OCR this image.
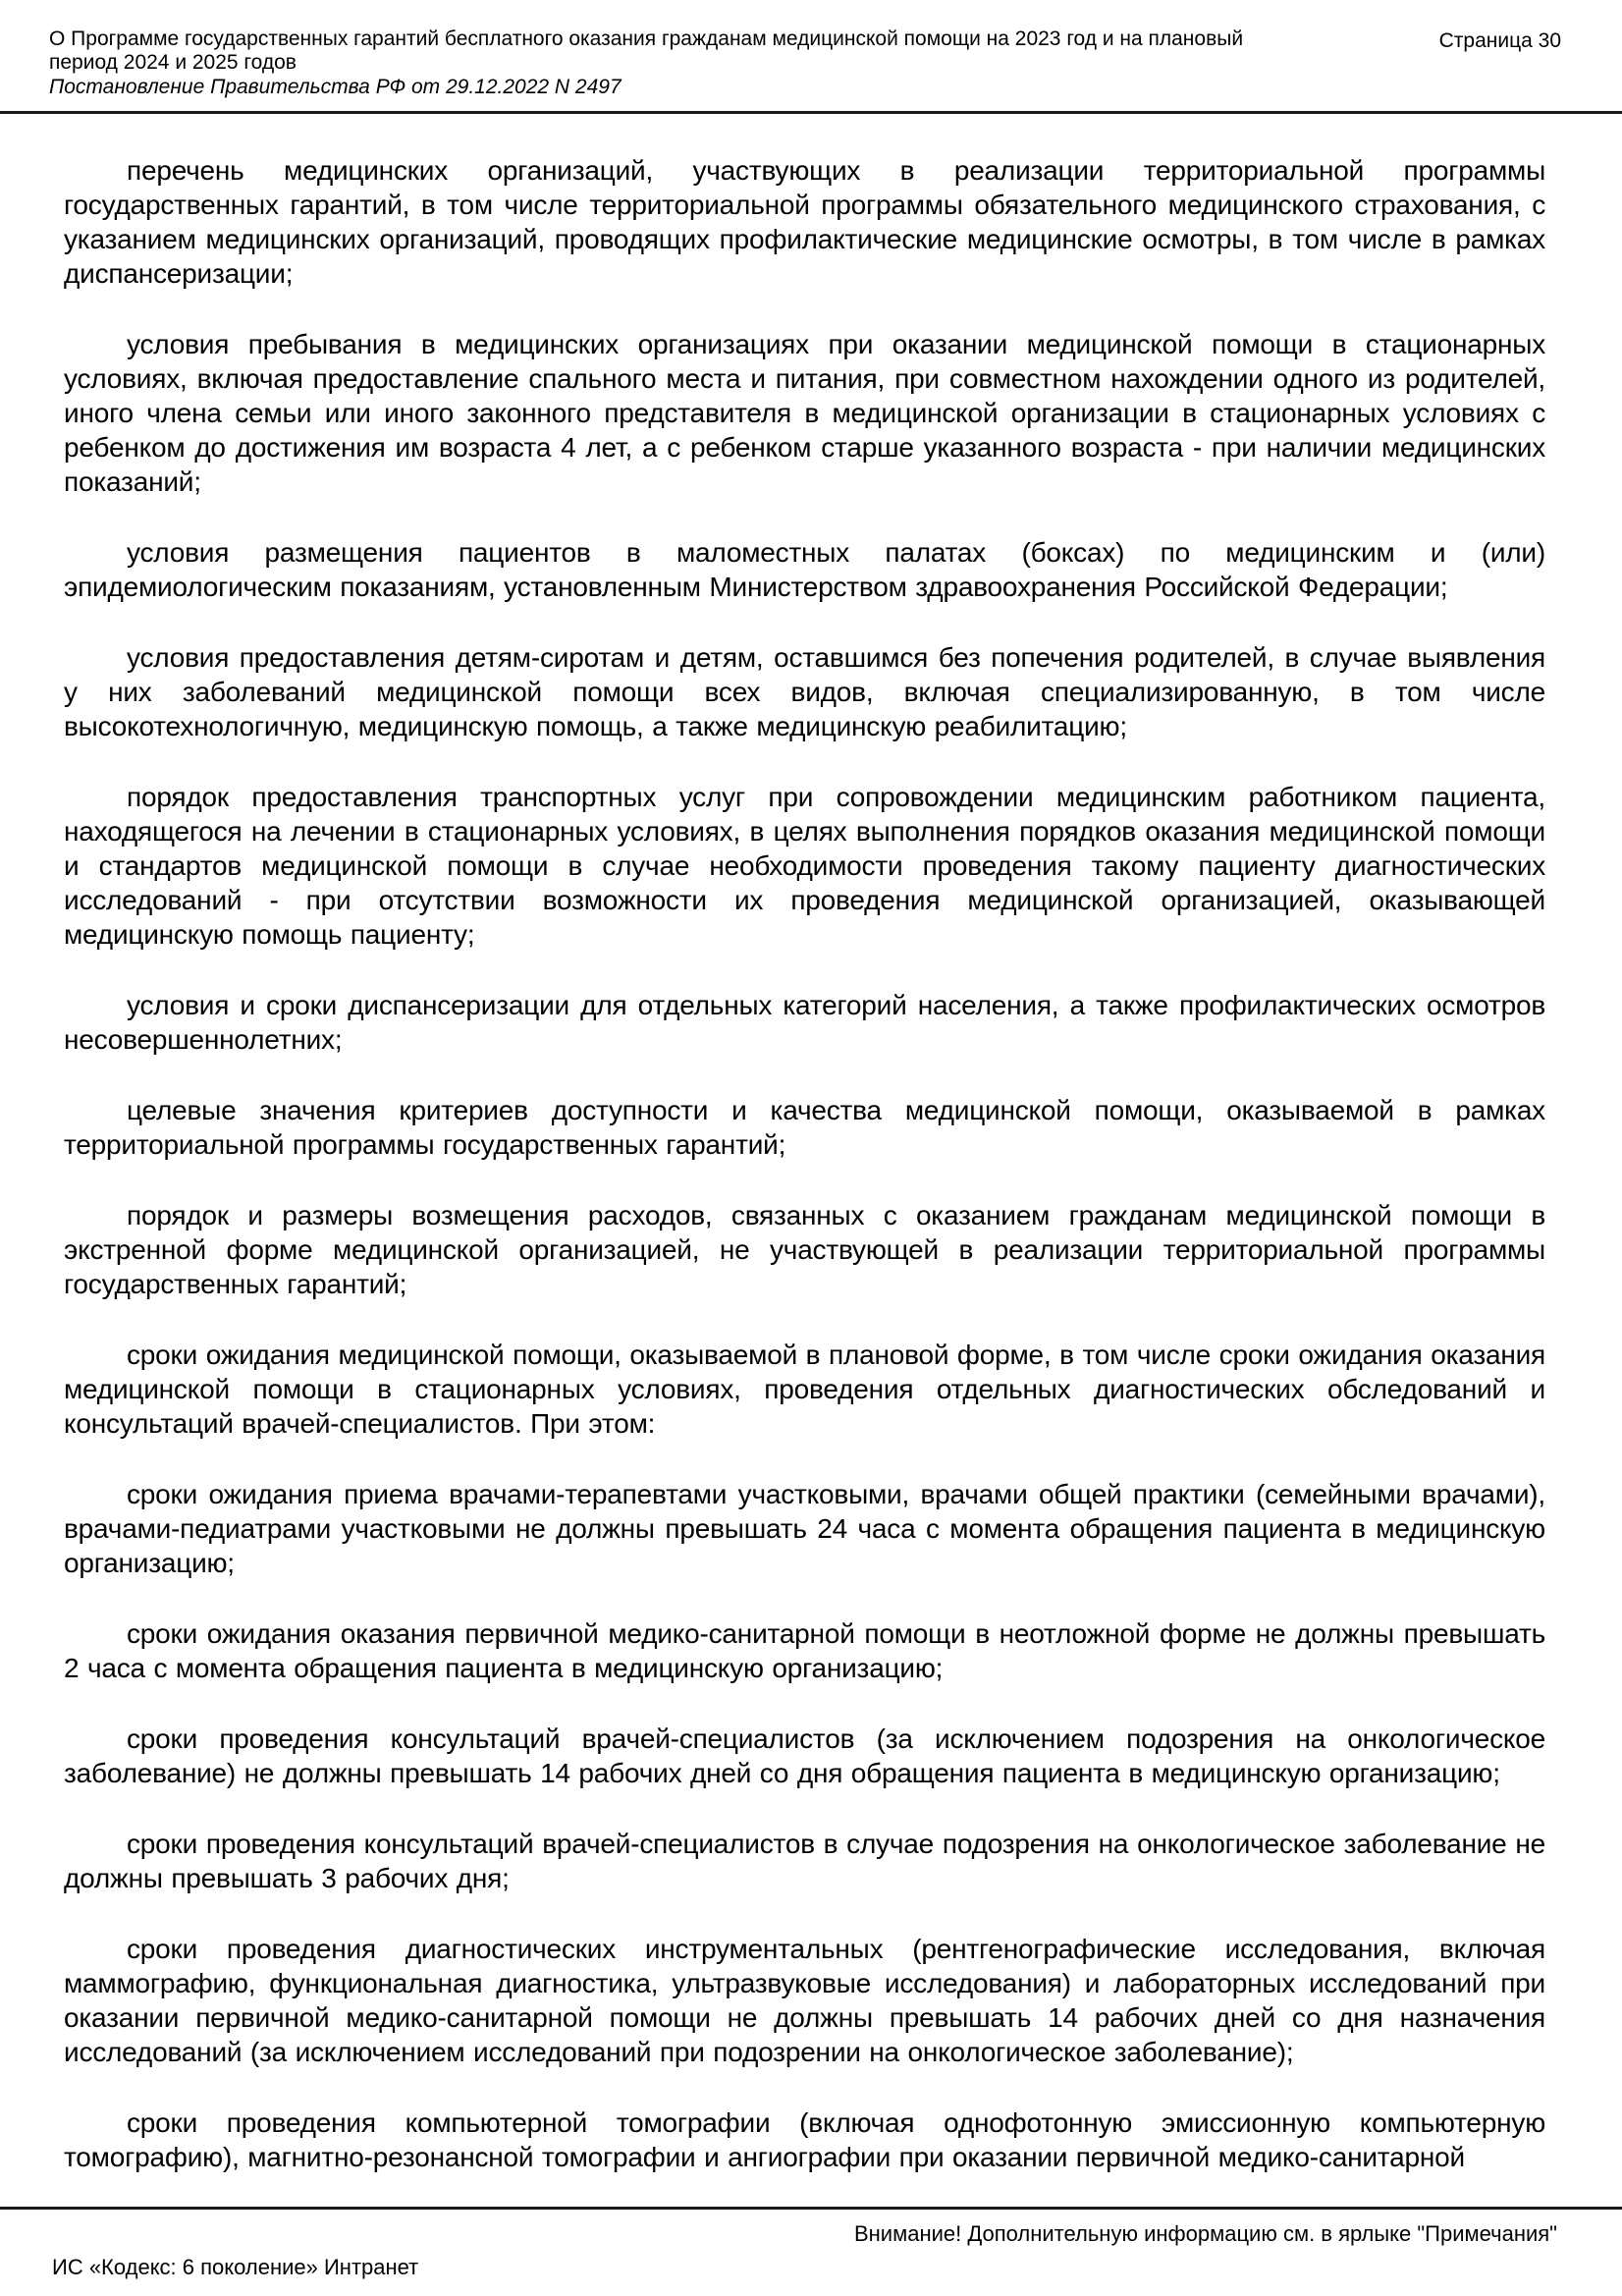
О Программе государственных гарантий бесплатного оказания гражданам медицинской помощи на 2023 год и на плановый период 2024 и 2025 годов
Постановление Правительства РФ от 29.12.2022 N 2497
Страница 30

перечень медицинских организаций, участвующих в реализации территориальной программы государственных гарантий, в том числе территориальной программы обязательного медицинского страхования, с указанием медицинских организаций, проводящих профилактические медицинские осмотры, в том числе в рамках диспансеризации;

условия пребывания в медицинских организациях при оказании медицинской помощи в стационарных условиях, включая предоставление спального места и питания, при совместном нахождении одного из родителей, иного члена семьи или иного законного представителя в медицинской организации в стационарных условиях с ребенком до достижения им возраста 4 лет, а с ребенком старше указанного возраста - при наличии медицинских показаний;

условия размещения пациентов в маломестных палатах (боксах) по медицинским и (или) эпидемиологическим показаниям, установленным Министерством здравоохранения Российской Федерации;

условия предоставления детям-сиротам и детям, оставшимся без попечения родителей, в случае выявления у них заболеваний медицинской помощи всех видов, включая специализированную, в том числе высокотехнологичную, медицинскую помощь, а также медицинскую реабилитацию;

порядок предоставления транспортных услуг при сопровождении медицинским работником пациента, находящегося на лечении в стационарных условиях, в целях выполнения порядков оказания медицинской помощи и стандартов медицинской помощи в случае необходимости проведения такому пациенту диагностических исследований - при отсутствии возможности их проведения медицинской организацией, оказывающей медицинскую помощь пациенту;

условия и сроки диспансеризации для отдельных категорий населения, а также профилактических осмотров несовершеннолетних;

целевые значения критериев доступности и качества медицинской помощи, оказываемой в рамках территориальной программы государственных гарантий;

порядок и размеры возмещения расходов, связанных с оказанием гражданам медицинской помощи в экстренной форме медицинской организацией, не участвующей в реализации территориальной программы государственных гарантий;

сроки ожидания медицинской помощи, оказываемой в плановой форме, в том числе сроки ожидания оказания медицинской помощи в стационарных условиях, проведения отдельных диагностических обследований и консультаций врачей-специалистов. При этом:

сроки ожидания приема врачами-терапевтами участковыми, врачами общей практики (семейными врачами), врачами-педиатрами участковыми не должны превышать 24 часа с момента обращения пациента в медицинскую организацию;

сроки ожидания оказания первичной медико-санитарной помощи в неотложной форме не должны превышать 2 часа с момента обращения пациента в медицинскую организацию;

сроки проведения консультаций врачей-специалистов (за исключением подозрения на онкологическое заболевание) не должны превышать 14 рабочих дней со дня обращения пациента в медицинскую организацию;

сроки проведения консультаций врачей-специалистов в случае подозрения на онкологическое заболевание не должны превышать 3 рабочих дня;

сроки проведения диагностических инструментальных (рентгенографические исследования, включая маммографию, функциональная диагностика, ультразвуковые исследования) и лабораторных исследований при оказании первичной медико-санитарной помощи не должны превышать 14 рабочих дней со дня назначения исследований (за исключением исследований при подозрении на онкологическое заболевание);

сроки проведения компьютерной томографии (включая однофотонную эмиссионную компьютерную томографию), магнитно-резонансной томографии и ангиографии при оказании первичной медико-санитарной

Внимание! Дополнительную информацию см. в ярлыке "Примечания"
ИС «Кодекс: 6 поколение» Интранет
